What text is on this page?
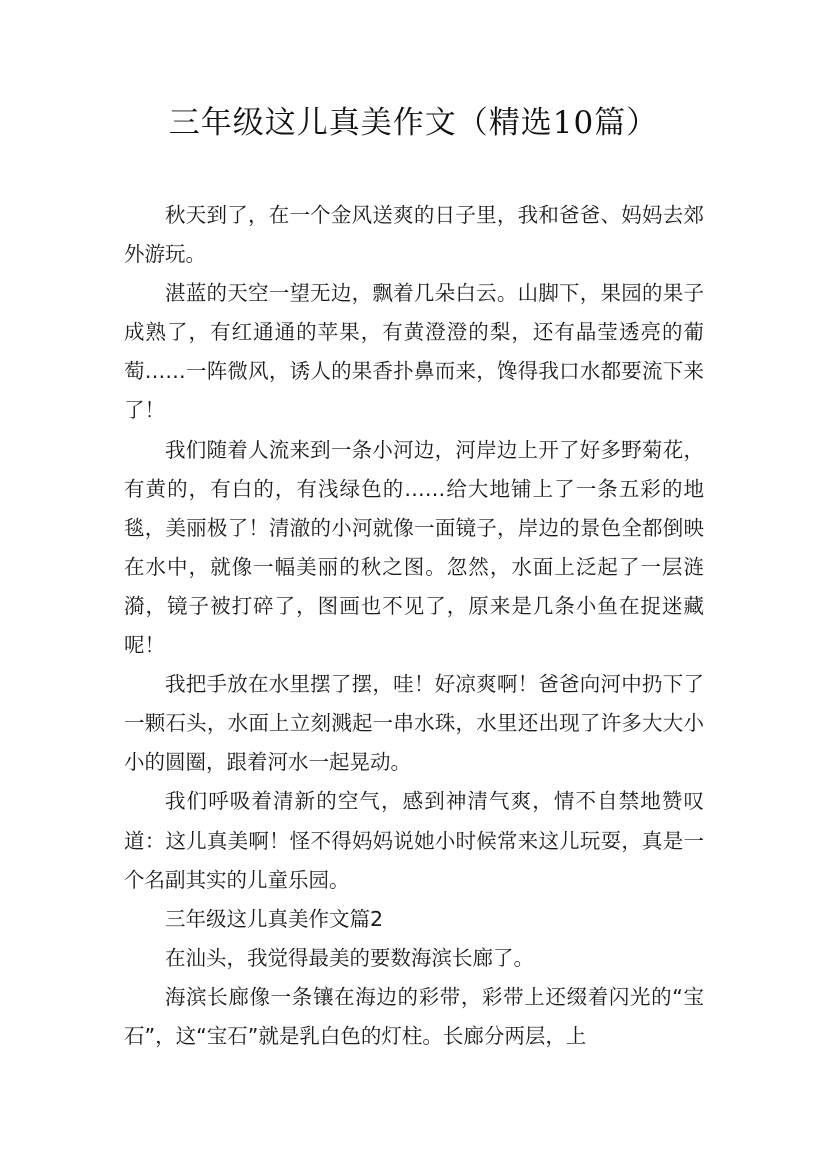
三年级这儿真美作文（精选10篇）

秋天到了，在一个金风送爽的日子里，我和爸爸、妈妈去郊外游玩。

湛蓝的天空一望无边，飘着几朵白云。山脚下，果园的果子成熟了，有红通通的苹果，有黄澄澄的梨，还有晶莹透亮的葡萄……一阵微风，诱人的果香扑鼻而来，馋得我口水都要流下来了！

我们随着人流来到一条小河边，河岸边上开了好多野菊花，有黄的，有白的，有浅绿色的……给大地铺上了一条五彩的地毯，美丽极了！清澈的小河就像一面镜子，岸边的景色全都倒映在水中，就像一幅美丽的秋之图。忽然，水面上泛起了一层涟漪，镜子被打碎了，图画也不见了，原来是几条小鱼在捉迷藏呢！

我把手放在水里摆了摆，哇！好凉爽啊！爸爸向河中扔下了一颗石头，水面上立刻溅起一串水珠，水里还出现了许多大大小小的圆圈，跟着河水一起晃动。

我们呼吸着清新的空气，感到神清气爽，情不自禁地赞叹道：这儿真美啊！怪不得妈妈说她小时候常来这儿玩耍，真是一个名副其实的儿童乐园。

三年级这儿真美作文篇2

在汕头，我觉得最美的要数海滨长廊了。

海滨长廊像一条镶在海边的彩带，彩带上还缀着闪光的“宝石”，这“宝石”就是乳白色的灯柱。长廊分两层，上
